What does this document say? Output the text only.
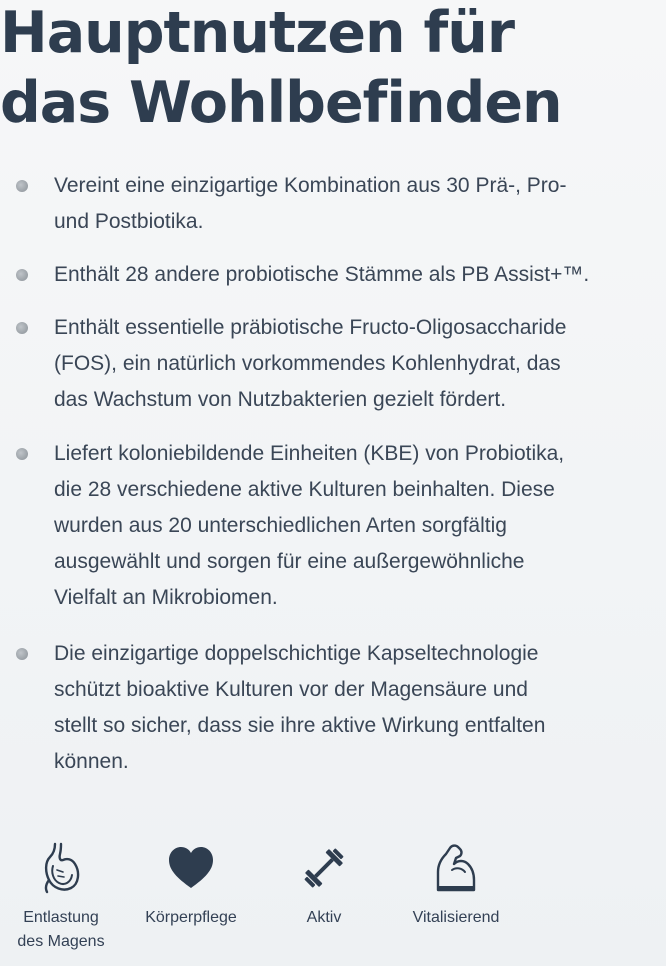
Hauptnutzen für
das Wohlbefinden

Vereint eine einzigartige Kombination aus 30 Prä-, Pro-
und Postbiotika.

Enthält 28 andere probiotische Stämme als PB Assist+™.

Enthält essentielle präbiotische Fructo-Oligosaccharide
(FOS), ein natürlich vorkommendes Kohlenhydrat, das
das Wachstum von Nutzbakterien gezielt fördert.

Liefert koloniebildende Einheiten (KBE) von Probiotika,
die 28 verschiedene aktive Kulturen beinhalten. Diese
wurden aus 20 unterschiedlichen Arten sorgfältig
ausgewählt und sorgen für eine außergewöhnliche
Vielfalt an Mikrobiomen.

Die einzigartige doppelschichtige Kapseltechnologie
schützt bioaktive Kulturen vor der Magensäure und
stellt so sicher, dass sie ihre aktive Wirkung entfalten
können.

Entlastung
des Magens
Körperpflege	Aktiv	Vitalisierend
